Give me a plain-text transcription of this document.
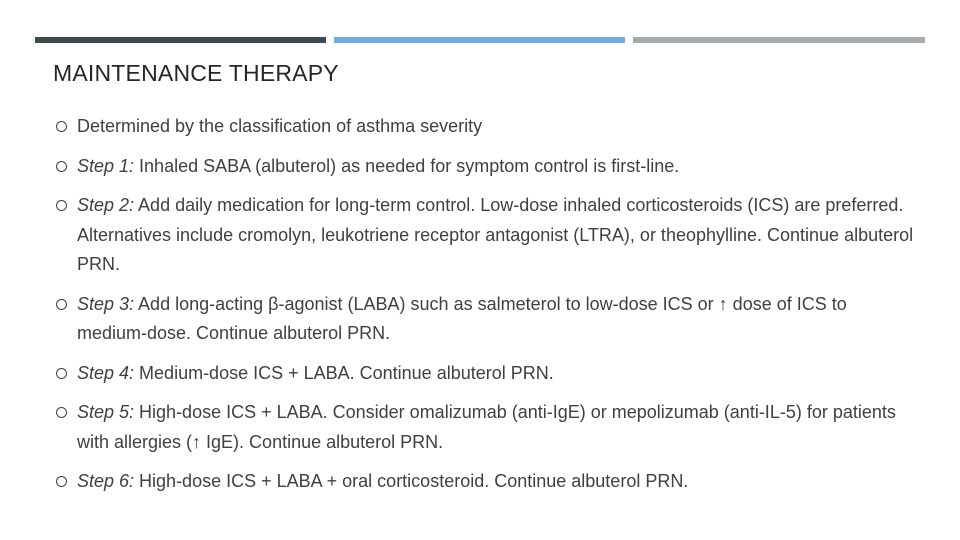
MAINTENANCE THERAPY
Determined by the classification of asthma severity
Step 1: Inhaled SABA (albuterol) as needed for symptom control is first-line.
Step 2: Add daily medication for long-term control. Low-dose inhaled corticosteroids (ICS) are preferred. Alternatives include cromolyn, leukotriene receptor antagonist (LTRA), or theophylline. Continue albuterol PRN.
Step 3: Add long-acting β-agonist (LABA) such as salmeterol to low-dose ICS or ↑ dose of ICS to medium-dose. Continue albuterol PRN.
Step 4: Medium-dose ICS + LABA. Continue albuterol PRN.
Step 5: High-dose ICS + LABA. Consider omalizumab (anti-IgE) or mepolizumab (anti-IL-5) for patients with allergies (↑ IgE). Continue albuterol PRN.
Step 6: High-dose ICS + LABA + oral corticosteroid. Continue albuterol PRN.
